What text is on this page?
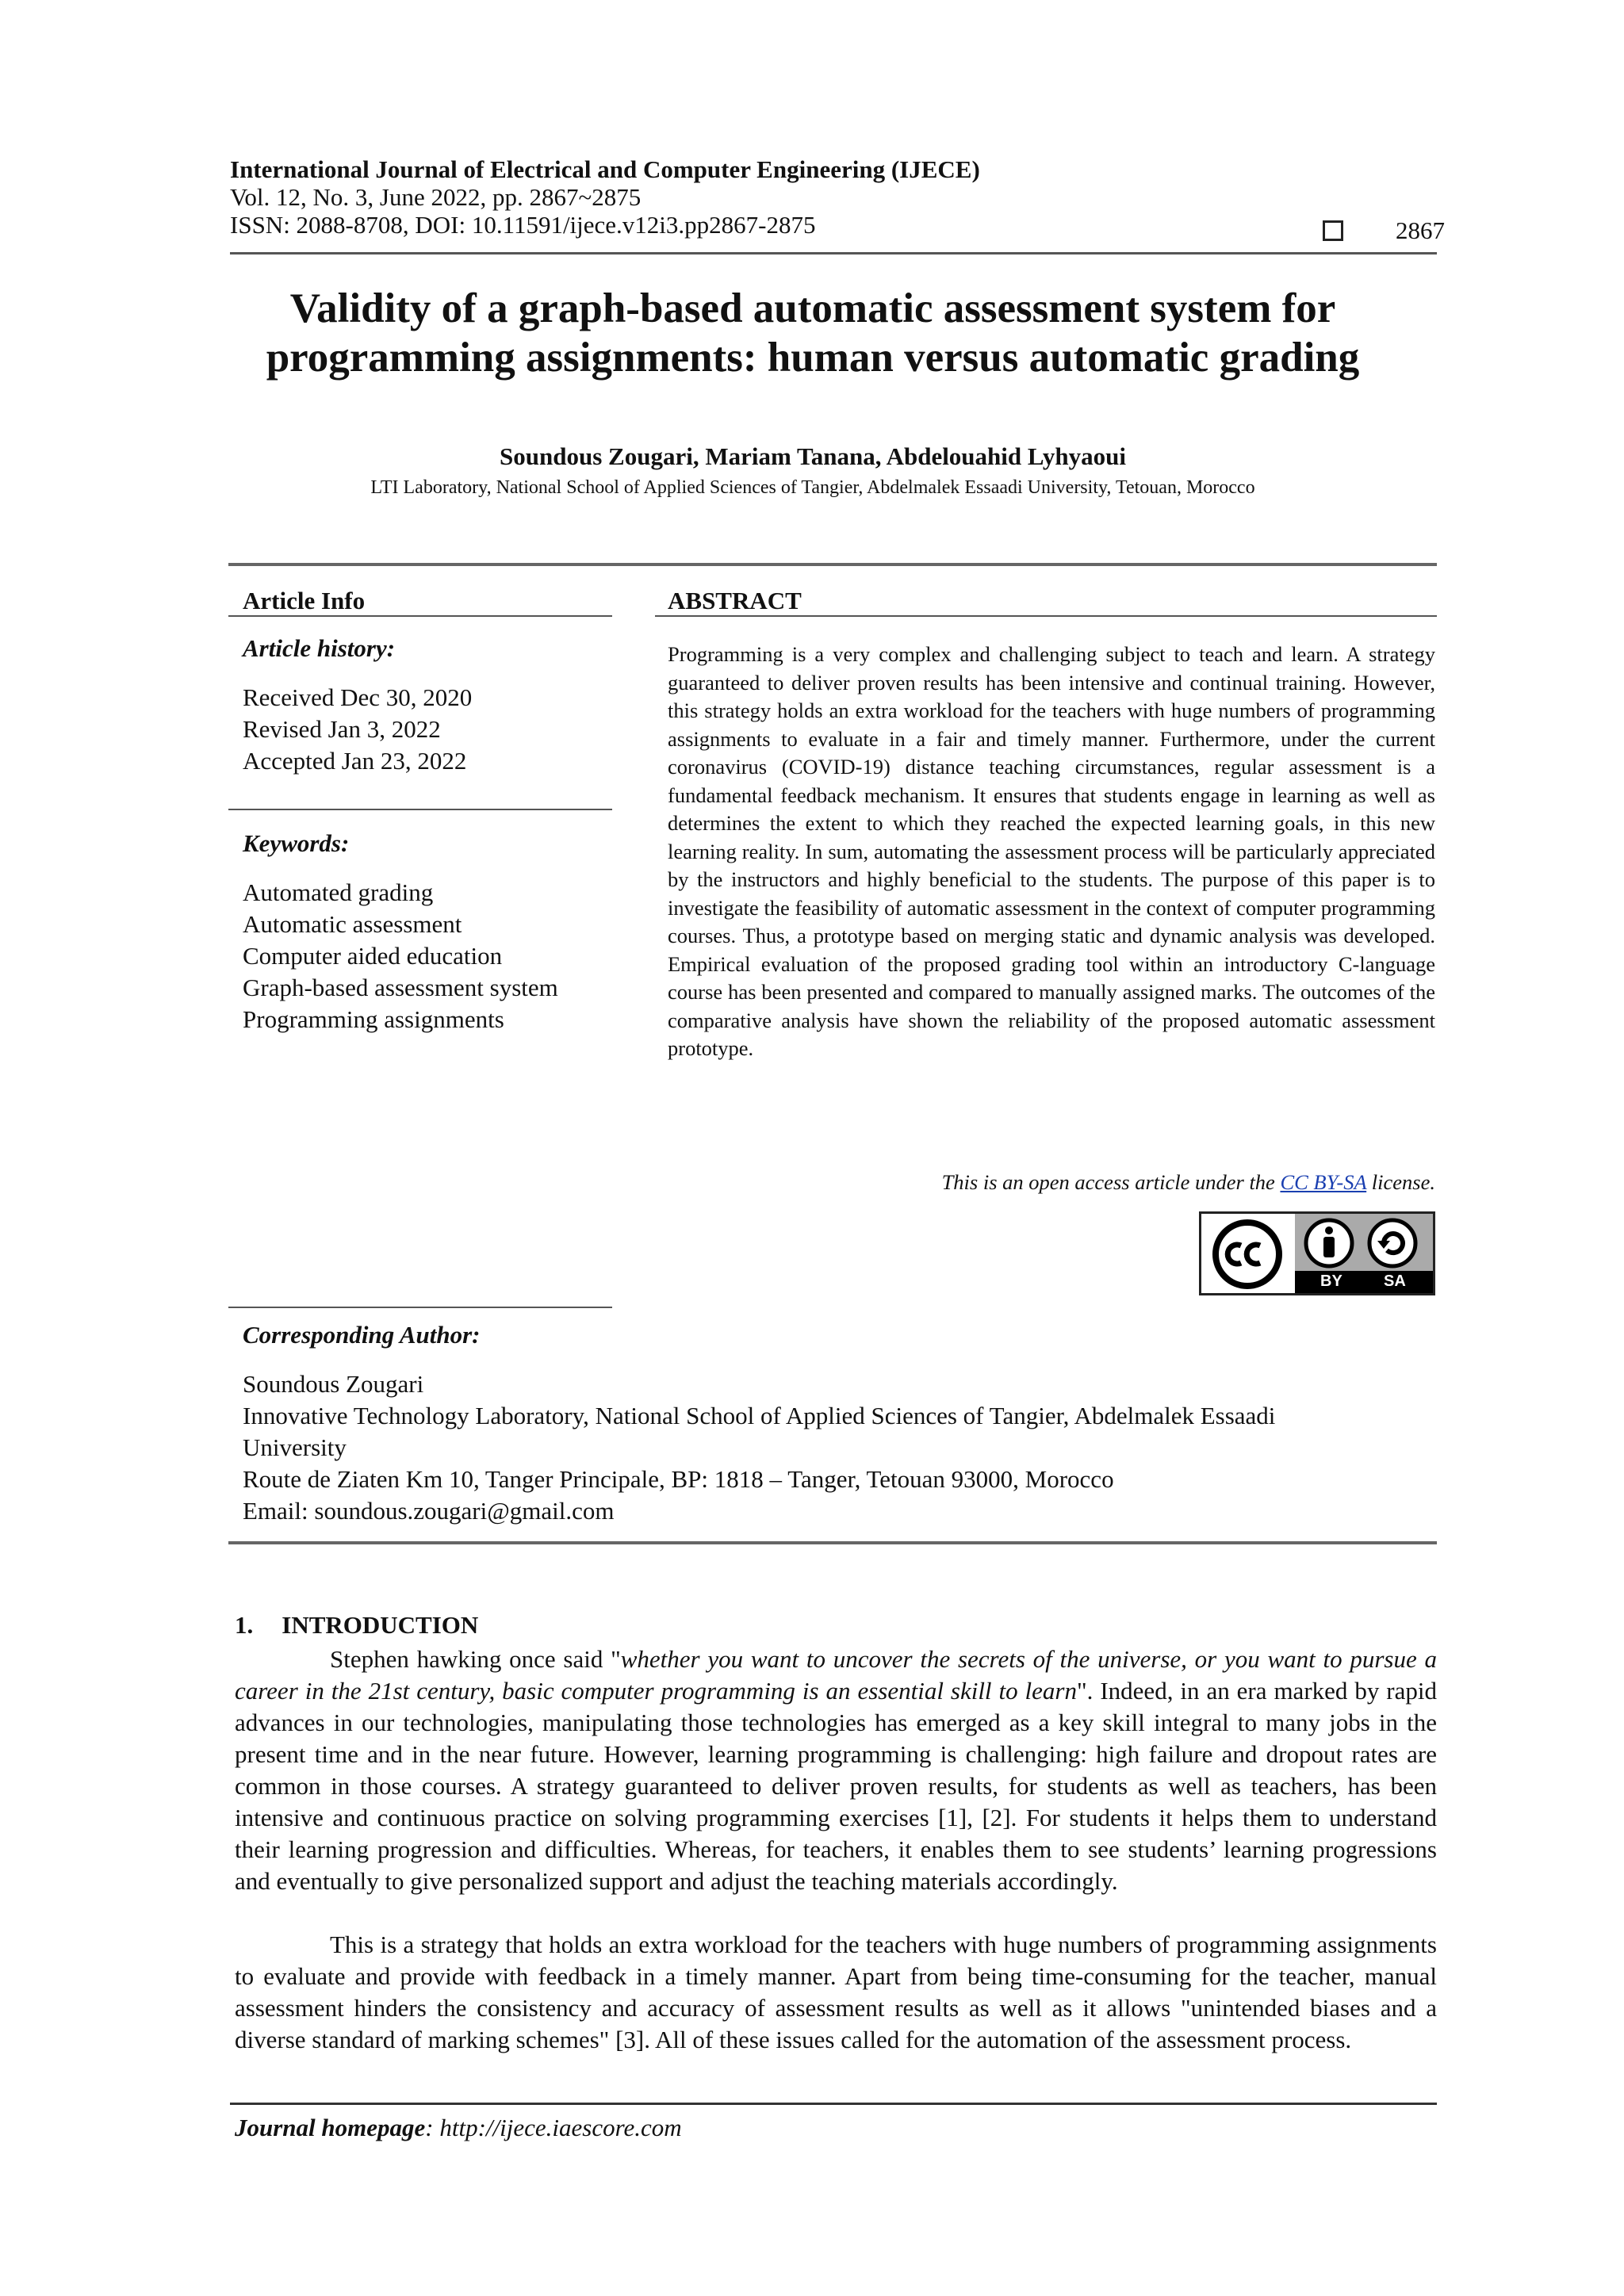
International Journal of Electrical and Computer Engineering (IJECE)
Vol. 12, No. 3, June 2022, pp. 2867~2875
ISSN: 2088-8708, DOI: 10.11591/ijece.v12i3.pp2867-2875	2867
Validity of a graph-based automatic assessment system for
programming assignments: human versus automatic grading
Soundous Zougari, Mariam Tanana, Abdelouahid Lyhyaoui
LTI Laboratory, National School of Applied Sciences of Tangier, Abdelmalek Essaadi University, Tetouan, Morocco
Article Info
Article history:
Received Dec 30, 2020
Revised Jan 3, 2022
Accepted Jan 23, 2022
Keywords:
Automated grading
Automatic assessment
Computer aided education
Graph-based assessment system
Programming assignments
ABSTRACT
Programming is a very complex and challenging subject to teach and learn. A strategy guaranteed to deliver proven results has been intensive and continual training. However, this strategy holds an extra workload for the teachers with huge numbers of programming assignments to evaluate in a fair and timely manner. Furthermore, under the current coronavirus (COVID-19) distance teaching circumstances, regular assessment is a fundamental feedback mechanism. It ensures that students engage in learning as well as determines the extent to which they reached the expected learning goals, in this new learning reality. In sum, automating the assessment process will be particularly appreciated by the instructors and highly beneficial to the students. The purpose of this paper is to investigate the feasibility of automatic assessment in the context of computer programming courses. Thus, a prototype based on merging static and dynamic analysis was developed. Empirical evaluation of the proposed grading tool within an introductory C-language course has been presented and compared to manually assigned marks. The outcomes of the comparative analysis have shown the reliability of the proposed automatic assessment prototype.
This is an open access article under the CC BY-SA license.
BY	SA
Corresponding Author:
Soundous Zougari
Innovative Technology Laboratory, National School of Applied Sciences of Tangier, Abdelmalek Essaadi
University
Route de Ziaten Km 10, Tanger Principale, BP: 1818 – Tanger, Tetouan 93000, Morocco
Email: soundous.zougari@gmail.com
1. INTRODUCTION
Stephen hawking once said "whether you want to uncover the secrets of the universe, or you want to pursue a career in the 21st century, basic computer programming is an essential skill to learn". Indeed, in an era marked by rapid advances in our technologies, manipulating those technologies has emerged as a key skill integral to many jobs in the present time and in the near future. However, learning programming is challenging: high failure and dropout rates are common in those courses. A strategy guaranteed to deliver proven results, for students as well as teachers, has been intensive and continuous practice on solving programming exercises [1], [2]. For students it helps them to understand their learning progression and difficulties. Whereas, for teachers, it enables them to see students’ learning progressions and eventually to give personalized support and adjust the teaching materials accordingly.
This is a strategy that holds an extra workload for the teachers with huge numbers of programming assignments to evaluate and provide with feedback in a timely manner. Apart from being time-consuming for the teacher, manual assessment hinders the consistency and accuracy of assessment results as well as it allows "unintended biases and a diverse standard of marking schemes" [3]. All of these issues called for the automation of the assessment process.
Journal homepage: http://ijece.iaescore.com
